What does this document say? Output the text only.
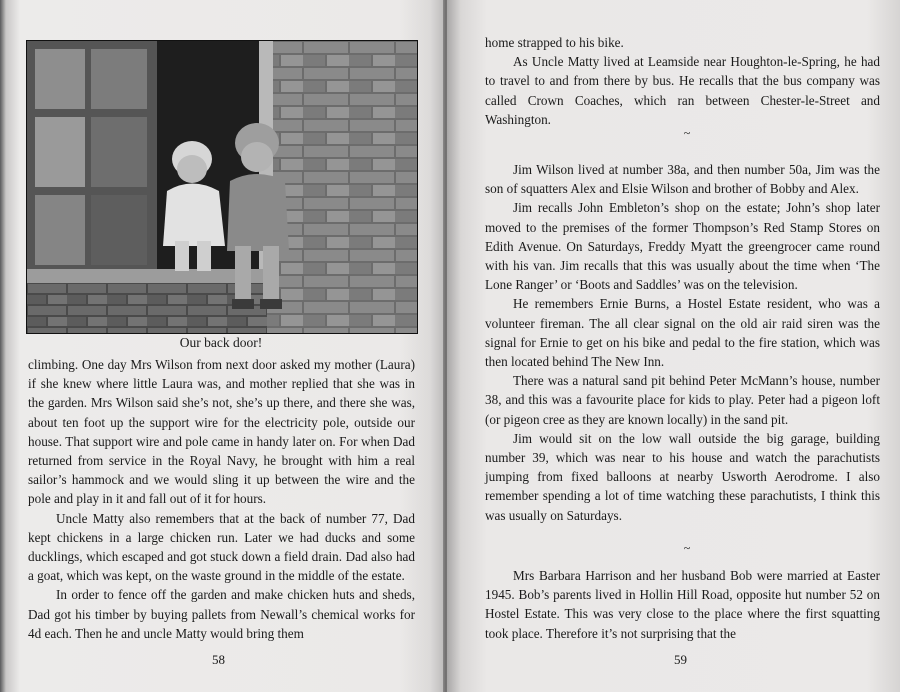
Our back door!

climbing. One day Mrs Wilson from next door asked my mother (Laura) if she knew where little Laura was, and mother replied that she was in the garden. Mrs Wilson said she’s not, she’s up there, and there she was, about ten foot up the support wire for the electricity pole, outside our house. That support wire and pole came in handy later on. For when Dad returned from service in the Royal Navy, he brought with him a real sailor’s hammock and we would sling it up between the wire and the pole and play in it and fall out of it for hours.

Uncle Matty also remembers that at the back of number 77, Dad kept chickens in a large chicken run. Later we had ducks and some ducklings, which escaped and got stuck down a field drain. Dad also had a goat, which was kept, on the waste ground in the middle of the estate.

In order to fence off the garden and make chicken huts and sheds, Dad got his timber by buying pallets from Newall’s chemical works for 4d each. Then he and uncle Matty would bring them

58

home strapped to his bike.

As Uncle Matty lived at Leamside near Houghton-le-Spring, he had to travel to and from there by bus. He recalls that the bus company was called Crown Coaches, which ran between Chester-le-Street and Washington.

~

Jim Wilson lived at number 38a, and then number 50a, Jim was the son of squatters Alex and Elsie Wilson and brother of Bobby and Alex.

Jim recalls John Embleton’s shop on the estate; John’s shop later moved to the premises of the former Thompson’s Red Stamp Stores on Edith Avenue. On Saturdays, Freddy Myatt the greengrocer came round with his van. Jim recalls that this was usually about the time when ‘The Lone Ranger’ or ‘Boots and Saddles’ was on the television.

He remembers Ernie Burns, a Hostel Estate resident, who was a volunteer fireman. The all clear signal on the old air raid siren was the signal for Ernie to get on his bike and pedal to the fire station, which was then located behind The New Inn.

There was a natural sand pit behind Peter McMann’s house, number 38, and this was a favourite place for kids to play. Peter had a pigeon loft (or pigeon cree as they are known locally) in the sand pit.

Jim would sit on the low wall outside the big garage, building number 39, which was near to his house and watch the parachutists jumping from fixed balloons at nearby Usworth Aerodrome. I also remember spending a lot of time watching these parachutists, I think this was usually on Saturdays.

~

Mrs Barbara Harrison and her husband Bob were married at Easter 1945. Bob’s parents lived in Hollin Hill Road, opposite hut number 52 on Hostel Estate. This was very close to the place where the first squatting took place. Therefore it’s not surprising that the

59
